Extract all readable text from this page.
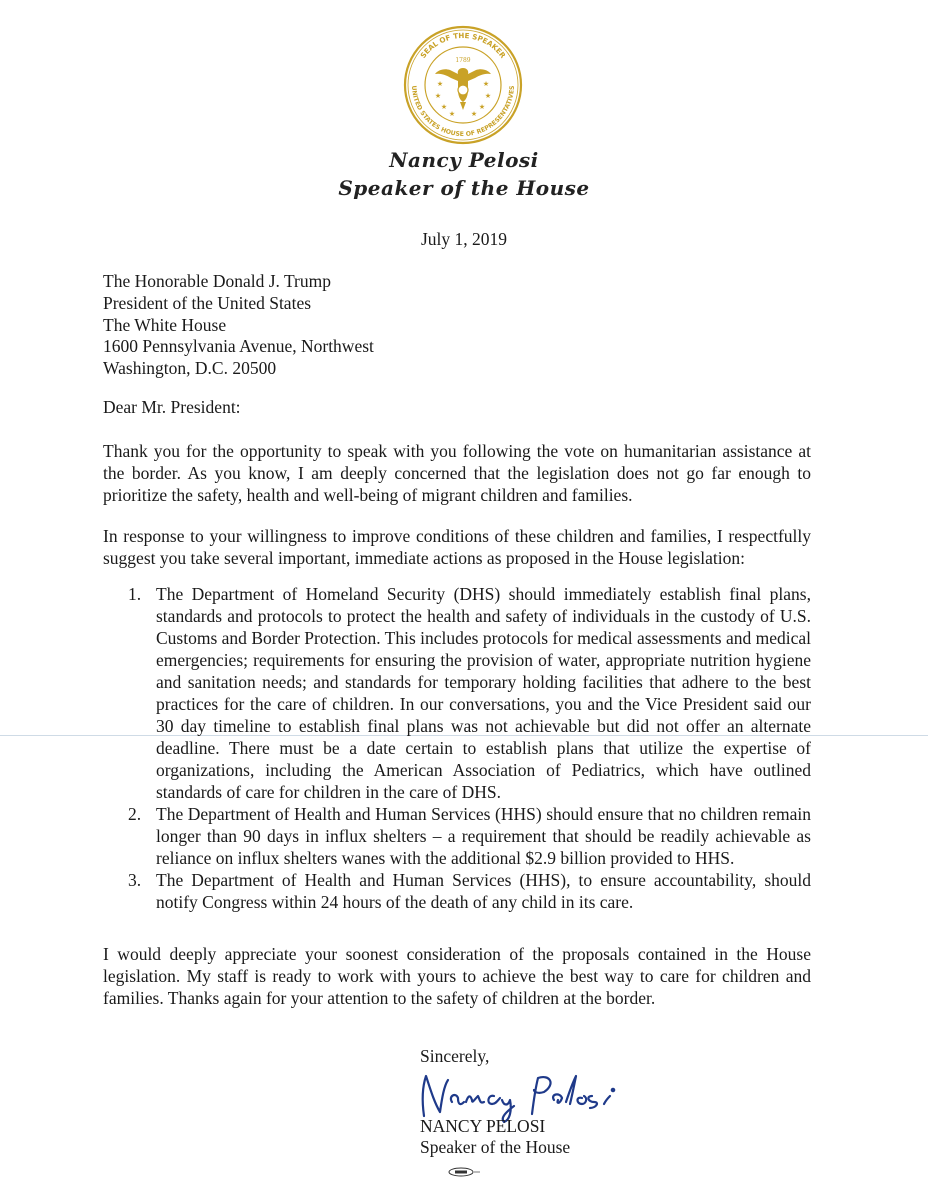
SEAL OF THE SPEAKER
UNITED STATES HOUSE OF REPRESENTATIVES
1789
★	★
★	★
★	★
★ ★
★	★
Nancy Pelosi
Speaker of the House
July 1, 2019
The Honorable Donald J. Trump
President of the United States
The White House
1600 Pennsylvania Avenue, Northwest
Washington, D.C. 20500
Dear Mr. President:

Thank you for the opportunity to speak with you following the vote on humanitarian assistance at the border. As you know, I am deeply concerned that the legislation does not go far enough to prioritize the safety, health and well-being of migrant children and families.

In response to your willingness to improve conditions of these children and families, I respectfully suggest you take several important, immediate actions as proposed in the House legislation:

1. The Department of Homeland Security (DHS) should immediately establish final plans, standards and protocols to protect the health and safety of individuals in the custody of U.S. Customs and Border Protection. This includes protocols for medical assessments and medical emergencies; requirements for ensuring the provision of water, appropriate nutrition hygiene and sanitation needs; and standards for temporary holding facilities that adhere to the best practices for the care of children. In our conversations, you and the Vice President said our 30 day timeline to establish final plans was not achievable but did not offer an alternate deadline. There must be a date certain to establish plans that utilize the expertise of organizations, including the American Association of Pediatrics, which have outlined standards of care for children in the care of DHS.
2. The Department of Health and Human Services (HHS) should ensure that no children remain longer than 90 days in influx shelters – a requirement that should be readily achievable as reliance on influx shelters wanes with the additional $2.9 billion provided to HHS.
3. The Department of Health and Human Services (HHS), to ensure accountability, should notify Congress within 24 hours of the death of any child in its care.

I would deeply appreciate your soonest consideration of the proposals contained in the House legislation. My staff is ready to work with yours to achieve the best way to care for children and families. Thanks again for your attention to the safety of children at the border.

Sincerely,
NANCY PELOSI
Speaker of the House
